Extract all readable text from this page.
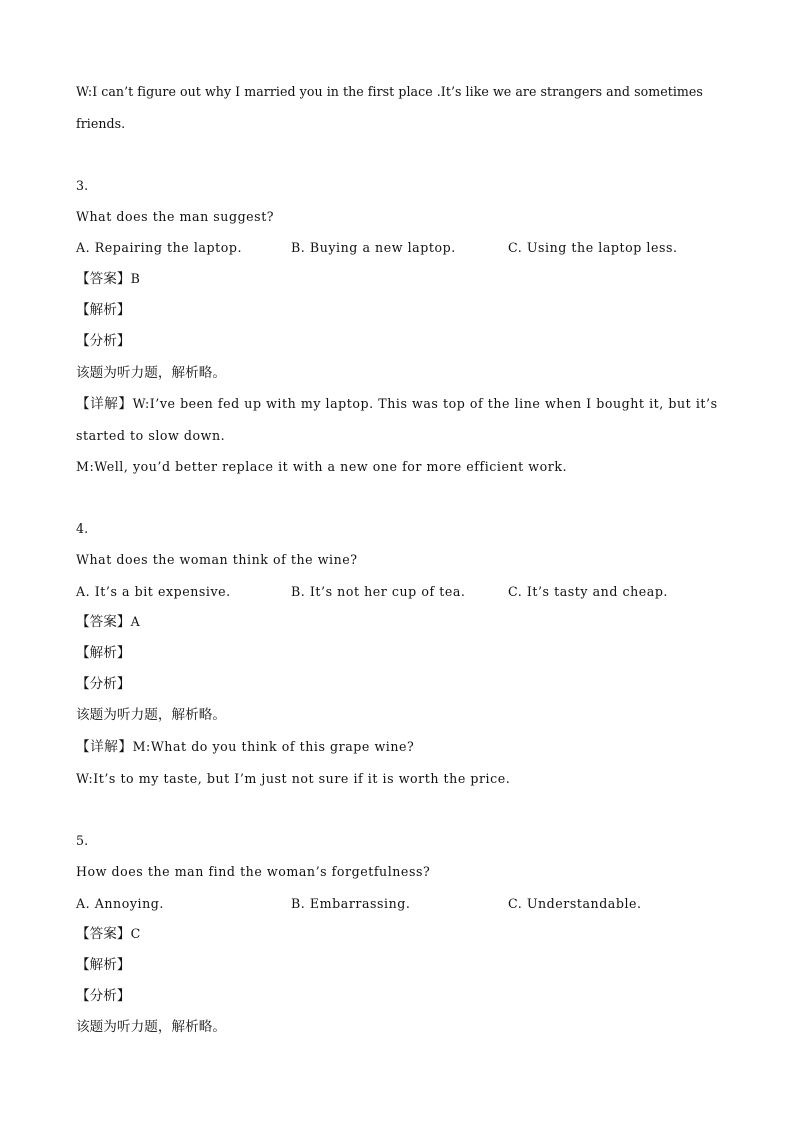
W:I can’t figure out why I married you in the first place .It’s like we are strangers and sometimes
friends.
3.
What does the man suggest?
A. Repairing the laptop.	B. Buying a new laptop.	C. Using the laptop less.
【答案】B
【解析】
【分析】
该题为听力题，解析略。
【详解】W:I’ve been fed up with my laptop. This was top of the line when I bought it, but it’s
started to slow down.
M:Well, you’d better replace it with a new one for more efficient work.
4.
What does the woman think of the wine?
A. It’s a bit expensive.	B. It’s not her cup of tea.	C. It’s tasty and cheap.
【答案】A
【解析】
【分析】
该题为听力题，解析略。
【详解】M:What do you think of this grape wine?
W:It’s to my taste, but I’m just not sure if it is worth the price.
5.
How does the man find the woman’s forgetfulness?
A. Annoying.	B. Embarrassing.	C. Understandable.
【答案】C
【解析】
【分析】
该题为听力题，解析略。
